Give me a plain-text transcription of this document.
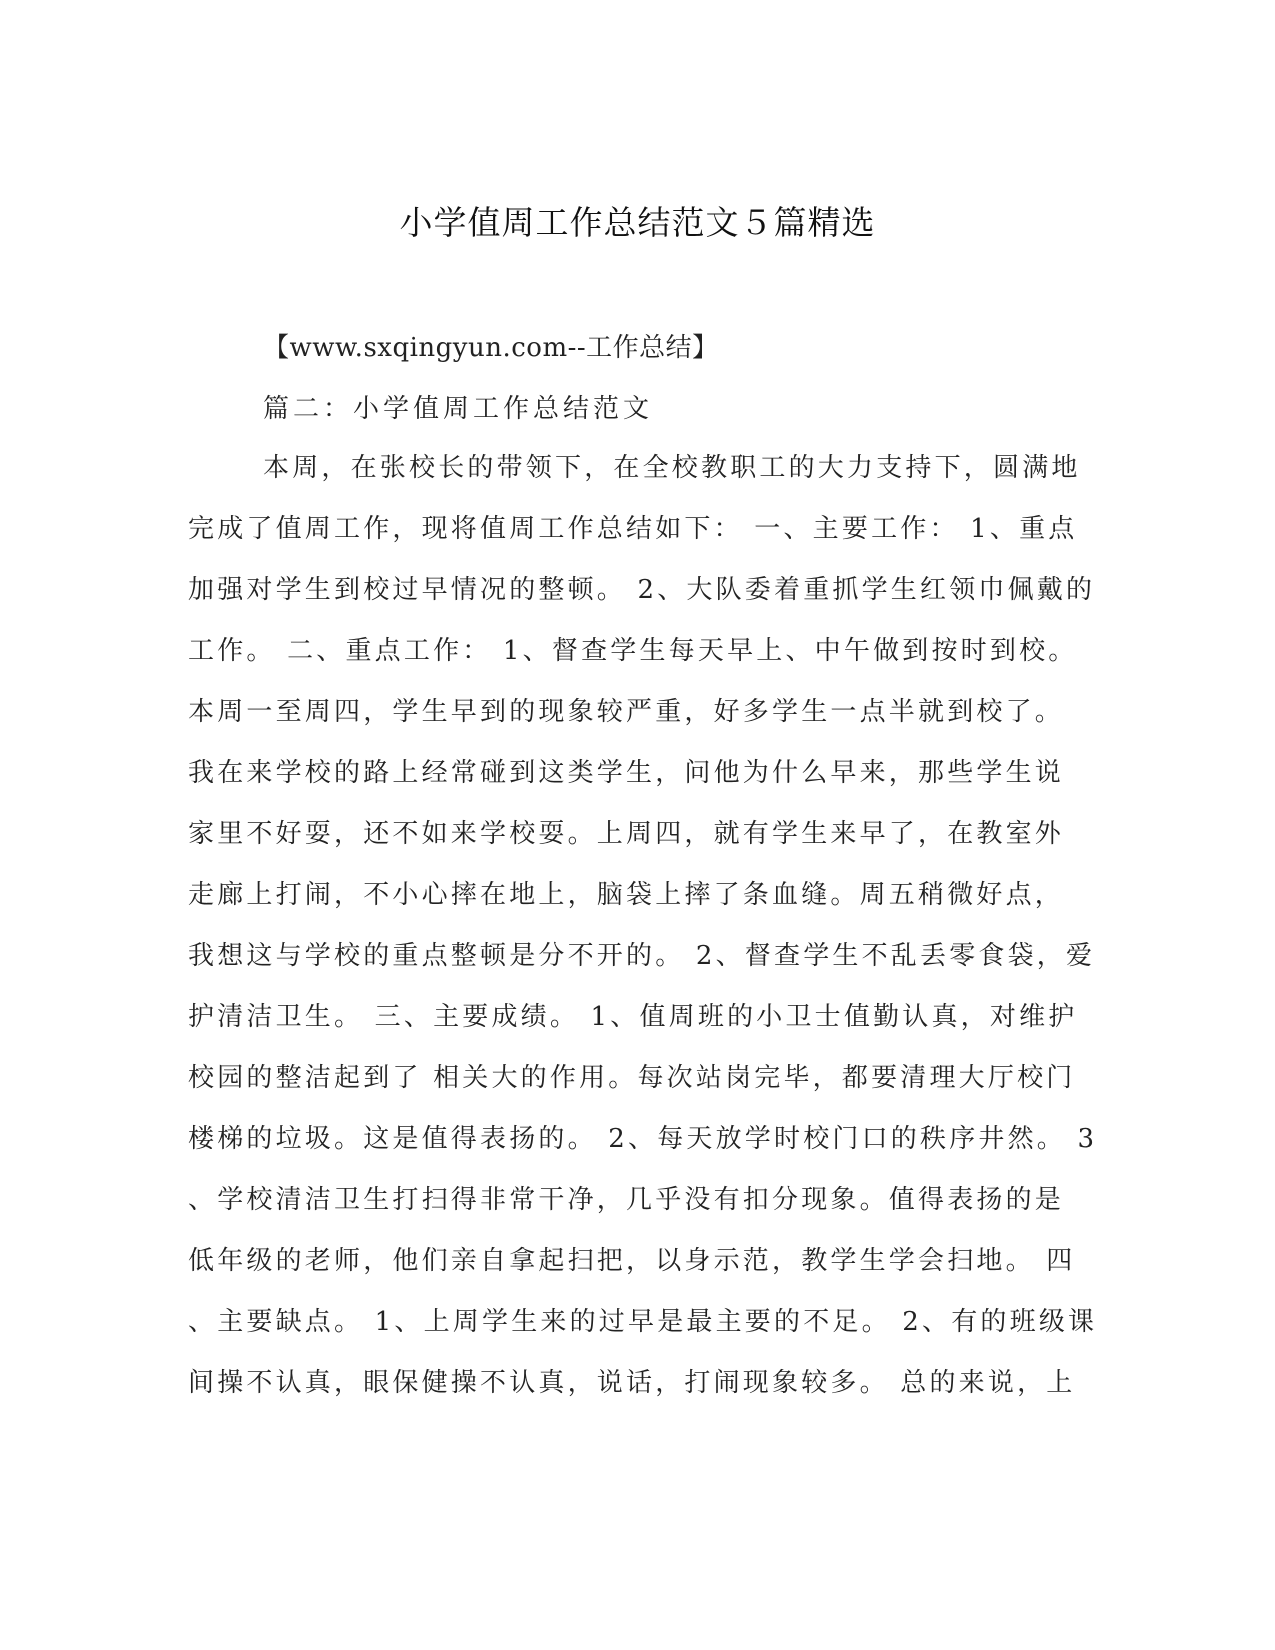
小学值周工作总结范文５篇精选
【www.sxqingyun.com--工作总结】
篇二：小学值周工作总结范文
本周，在张校长的带领下，在全校教职工的大力支持下，圆满地
完成了值周工作，现将值周工作总结如下： 一、主要工作： 1、重点
加强对学生到校过早情况的整顿。 2、大队委着重抓学生红领巾佩戴的
工作。 二、重点工作： 1、督查学生每天早上、中午做到按时到校。
本周一至周四，学生早到的现象较严重，好多学生一点半就到校了。
我在来学校的路上经常碰到这类学生，问他为什么早来，那些学生说
家里不好耍，还不如来学校耍。上周四，就有学生来早了，在教室外
走廊上打闹，不小心摔在地上，脑袋上摔了条血缝。周五稍微好点，
我想这与学校的重点整顿是分不开的。 2、督查学生不乱丢零食袋，爱
护清洁卫生。 三、主要成绩。 1、值周班的小卫士值勤认真，对维护
校园的整洁起到了 相关大的作用。每次站岗完毕，都要清理大厅校门
楼梯的垃圾。这是值得表扬的。 2、每天放学时校门口的秩序井然。 3
、学校清洁卫生打扫得非常干净，几乎没有扣分现象。值得表扬的是
低年级的老师，他们亲自拿起扫把，以身示范，教学生学会扫地。 四
、主要缺点。 1、上周学生来的过早是最主要的不足。 2、有的班级课
间操不认真，眼保健操不认真，说话，打闹现象较多。 总的来说，上
